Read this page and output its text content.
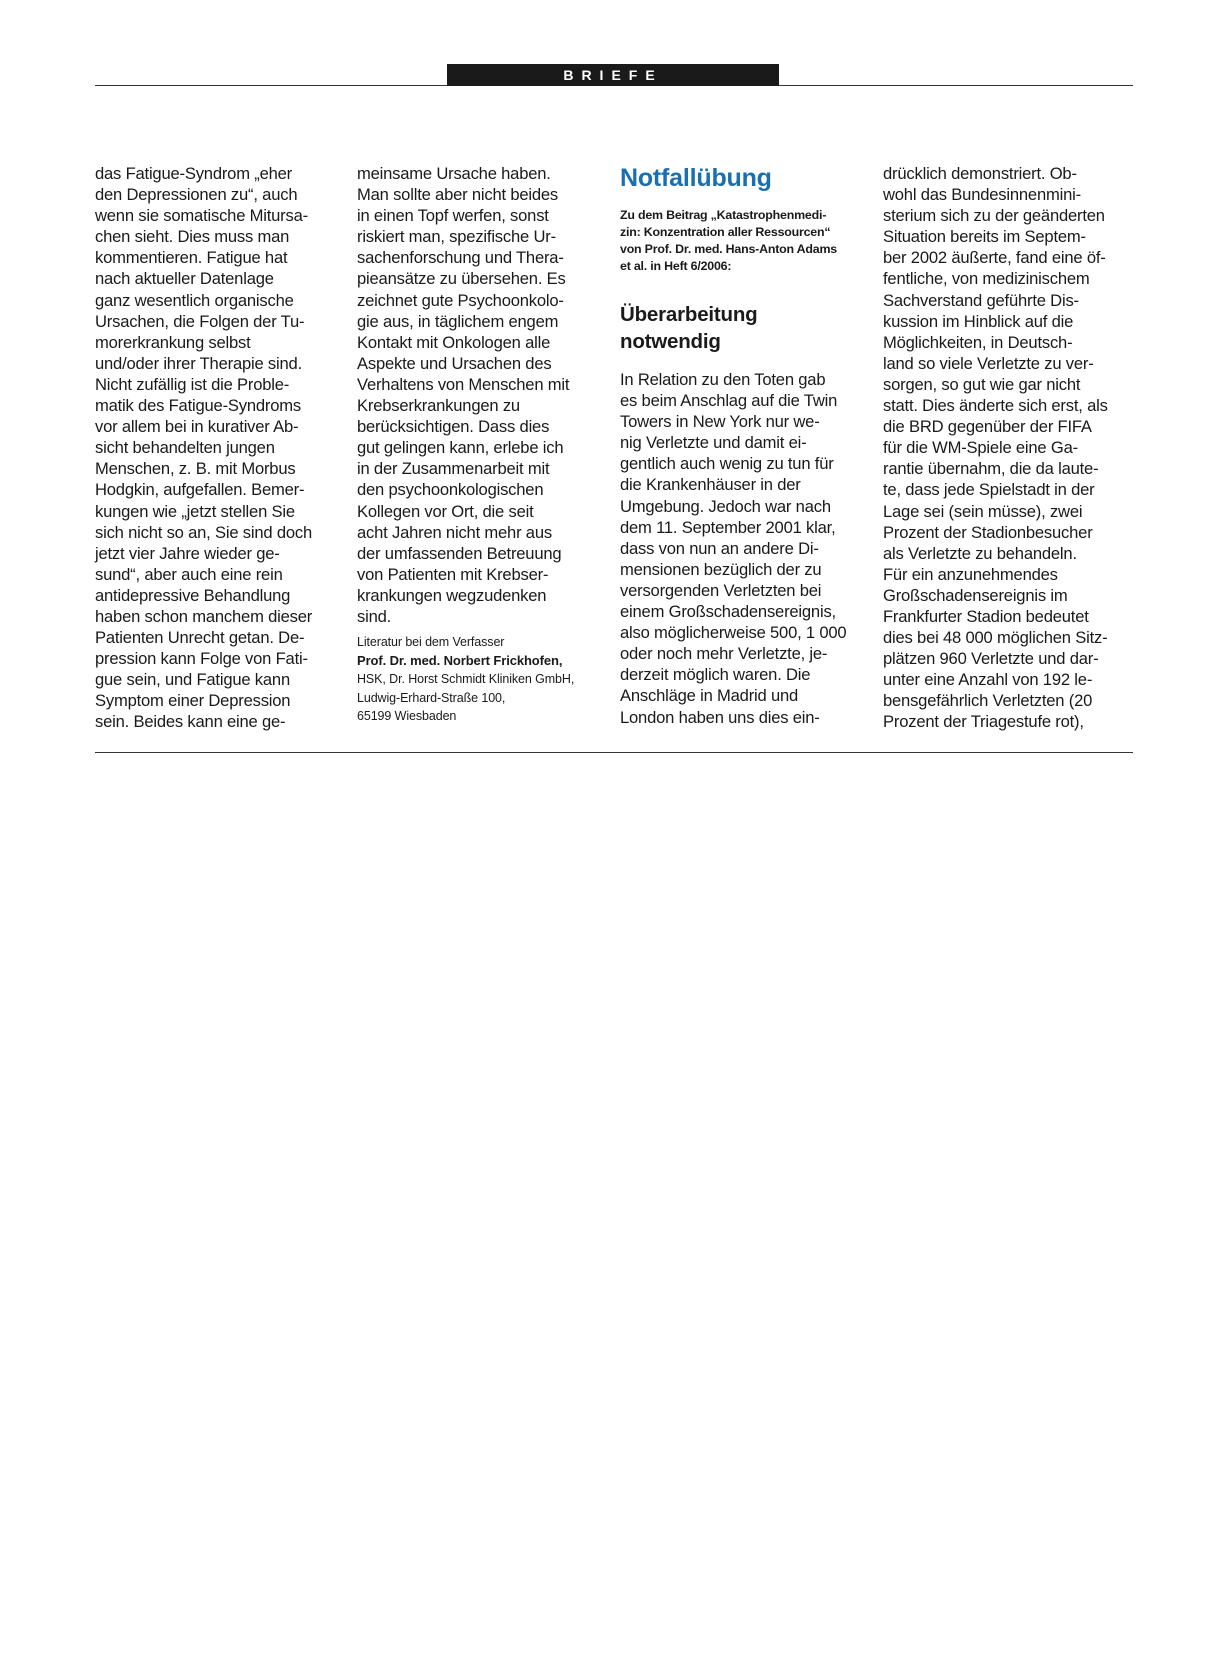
BRIEFE
das Fatigue-Syndrom „eher
den Depressionen zu“, auch
wenn sie somatische Mitursa-
chen sieht. Dies muss man
kommentieren. Fatigue hat
nach aktueller Datenlage
ganz wesentlich organische
Ursachen, die Folgen der Tu-
morerkrankung selbst
und/oder ihrer Therapie sind.
Nicht zufällig ist die Proble-
matik des Fatigue-Syndroms
vor allem bei in kurativer Ab-
sicht behandelten jungen
Menschen, z. B. mit Morbus
Hodgkin, aufgefallen. Bemer-
kungen wie „jetzt stellen Sie
sich nicht so an, Sie sind doch
jetzt vier Jahre wieder ge-
sund“, aber auch eine rein
antidepressive Behandlung
haben schon manchem dieser
Patienten Unrecht getan. De-
pression kann Folge von Fati-
gue sein, und Fatigue kann
Symptom einer Depression
sein. Beides kann eine ge-
meinsame Ursache haben.
Man sollte aber nicht beides
in einen Topf werfen, sonst
riskiert man, spezifische Ur-
sachenforschung und Thera-
pieansätze zu übersehen. Es
zeichnet gute Psychoonkolo-
gie aus, in täglichem engem
Kontakt mit Onkologen alle
Aspekte und Ursachen des
Verhaltens von Menschen mit
Krebserkrankungen zu
berücksichtigen. Dass dies
gut gelingen kann, erlebe ich
in der Zusammenarbeit mit
den psychoonkologischen
Kollegen vor Ort, die seit
acht Jahren nicht mehr aus
der umfassenden Betreuung
von Patienten mit Krebser-
krankungen wegzudenken
sind.
Literatur bei dem Verfasser
Prof. Dr. med. Norbert Frickhofen,
HSK, Dr. Horst Schmidt Kliniken GmbH,
Ludwig-Erhard-Straße 100,
65199 Wiesbaden
Notfallübung
Zu dem Beitrag „Katastrophenmedi-
zin: Konzentration aller Ressourcen“
von Prof. Dr. med. Hans-Anton Adams
et al. in Heft 6/2006:
Überarbeitung
notwendig
In Relation zu den Toten gab
es beim Anschlag auf die Twin
Towers in New York nur we-
nig Verletzte und damit ei-
gentlich auch wenig zu tun für
die Krankenhäuser in der
Umgebung. Jedoch war nach
dem 11. September 2001 klar,
dass von nun an andere Di-
mensionen bezüglich der zu
versorgenden Verletzten bei
einem Großschadensereignis,
also möglicherweise 500, 1 000
oder noch mehr Verletzte, je-
derzeit möglich waren. Die
Anschläge in Madrid und
London haben uns dies ein-
drücklich demonstriert. Ob-
wohl das Bundesinnenmini-
sterium sich zu der geänderten
Situation bereits im Septem-
ber 2002 äußerte, fand eine öf-
fentliche, von medizinischem
Sachverstand geführte Dis-
kussion im Hinblick auf die
Möglichkeiten, in Deutsch-
land so viele Verletzte zu ver-
sorgen, so gut wie gar nicht
statt. Dies änderte sich erst, als
die BRD gegenüber der FIFA
für die WM-Spiele eine Ga-
rantie übernahm, die da laute-
te, dass jede Spielstadt in der
Lage sei (sein müsse), zwei
Prozent der Stadionbesucher
als Verletzte zu behandeln.
Für ein anzunehmendes
Großschadensereignis im
Frankfurter Stadion bedeutet
dies bei 48 000 möglichen Sitz-
plätzen 960 Verletzte und dar-
unter eine Anzahl von 192 le-
bensgefährlich Verletzten (20
Prozent der Triagestufe rot),
